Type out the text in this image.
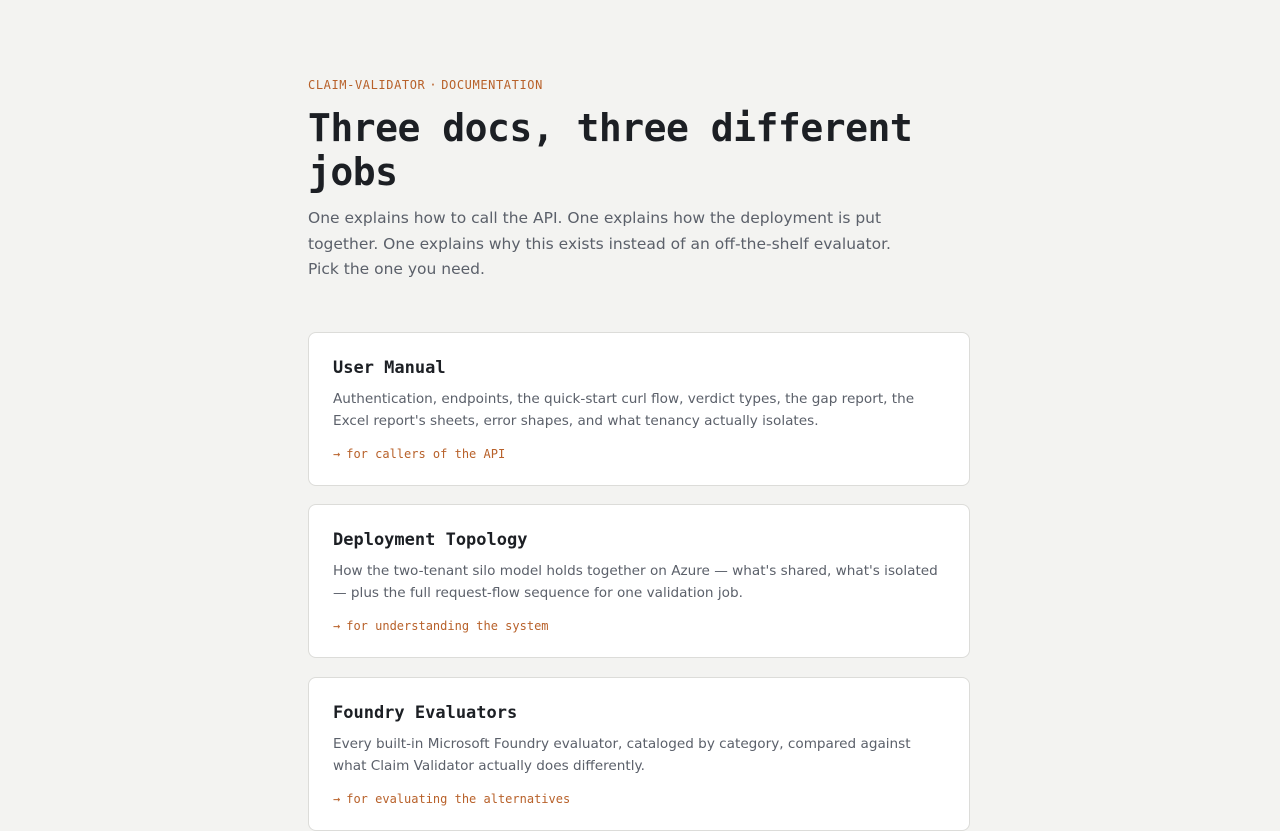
CLAIM-VALIDATOR · DOCUMENTATION
Three docs, three different jobs

One explains how to call the API. One explains how the deployment is put together. One explains why this exists instead of an off-the-shelf evaluator. Pick the one you need.

User Manual

Authentication, endpoints, the quick-start curl flow, verdict types, the gap report, the Excel report's sheets, error shapes, and what tenancy actually isolates.

→ for callers of the API
Deployment Topology

How the two-tenant silo model holds together on Azure — what's shared, what's isolated — plus the full request-flow sequence for one validation job.

→ for understanding the system
Foundry Evaluators

Every built-in Microsoft Foundry evaluator, cataloged by category, compared against what Claim Validator actually does differently.

→ for evaluating the alternatives
